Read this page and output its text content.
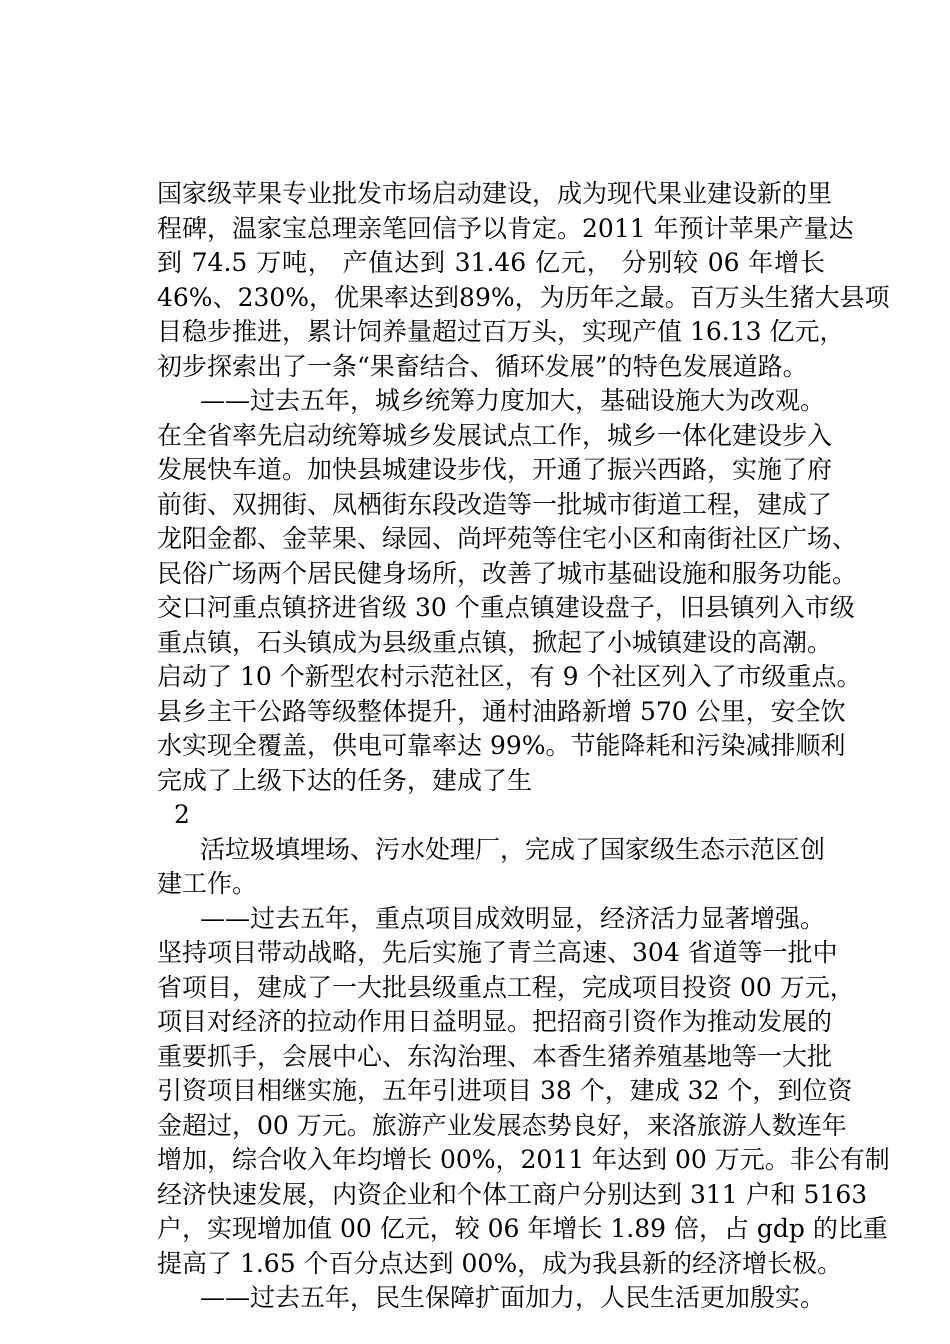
国家级苹果专业批发市场启动建设，成为现代果业建设新的里
程碑，温家宝总理亲笔回信予以肯定。2011 年预计苹果产量达
到 74.5 万吨， 产值达到 31.46 亿元， 分别较 06 年增长
46%、230%，优果率达到89%，为历年之最。百万头生猪大县项
目稳步推进，累计饲养量超过百万头，实现产值 16.13 亿元，
初步探索出了一条“果畜结合、循环发展”的特色发展道路。
——过去五年，城乡统筹力度加大，基础设施大为改观。
在全省率先启动统筹城乡发展试点工作，城乡一体化建设步入
发展快车道。加快县城建设步伐，开通了振兴西路，实施了府
前街、双拥街、凤栖街东段改造等一批城市街道工程，建成了
龙阳金都、金苹果、绿园、尚坪苑等住宅小区和南街社区广场、
民俗广场两个居民健身场所，改善了城市基础设施和服务功能。
交口河重点镇挤进省级 30 个重点镇建设盘子，旧县镇列入市级
重点镇，石头镇成为县级重点镇，掀起了小城镇建设的高潮。
启动了 10 个新型农村示范社区，有 9 个社区列入了市级重点。
县乡主干公路等级整体提升，通村油路新增 570 公里，安全饮
水实现全覆盖，供电可靠率达 99%。节能降耗和污染减排顺利
完成了上级下达的任务，建成了生
2
活垃圾填埋场、污水处理厂，完成了国家级生态示范区创
建工作。
——过去五年，重点项目成效明显，经济活力显著增强。
坚持项目带动战略，先后实施了青兰高速、304 省道等一批中
省项目，建成了一大批县级重点工程，完成项目投资 00 万元，
项目对经济的拉动作用日益明显。把招商引资作为推动发展的
重要抓手，会展中心、东沟治理、本香生猪养殖基地等一大批
引资项目相继实施，五年引进项目 38 个，建成 32 个，到位资
金超过，00 万元。旅游产业发展态势良好，来洛旅游人数连年
增加，综合收入年均增长 00%，2011 年达到 00 万元。非公有制
经济快速发展，内资企业和个体工商户分别达到 311 户和 5163
户，实现增加值 00 亿元，较 06 年增长 1.89 倍，占 gdp 的比重
提高了 1.65 个百分点达到 00%，成为我县新的经济增长极。
——过去五年，民生保障扩面加力，人民生活更加殷实。
